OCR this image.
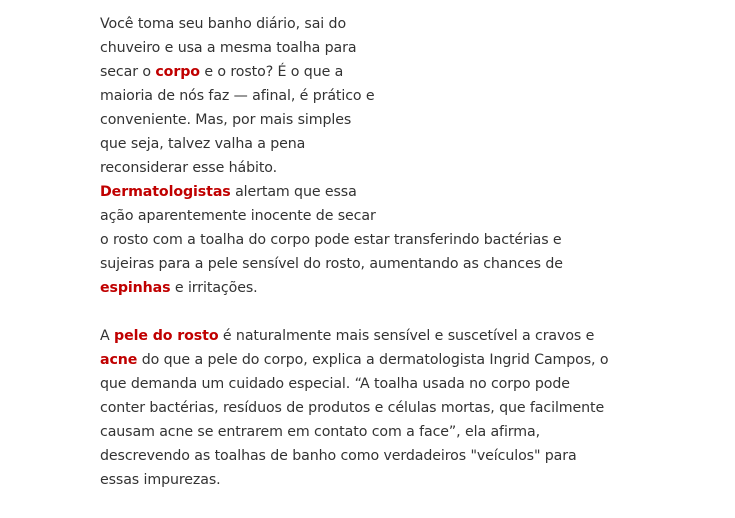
Você toma seu banho diário, sai do
chuveiro e usa a mesma toalha para
secar o corpo e o rosto? É o que a
maioria de nós faz — afinal, é prático e
conveniente. Mas, por mais simples
que seja, talvez valha a pena
reconsiderar esse hábito.
Dermatologistas alertam que essa
ação aparentemente inocente de secar
o rosto com a toalha do corpo pode estar transferindo bactérias e
sujeiras para a pele sensível do rosto, aumentando as chances de
espinhas e irritações.
A pele do rosto é naturalmente mais sensível e suscetível a cravos e
acne do que a pele do corpo, explica a dermatologista Ingrid Campos, o
que demanda um cuidado especial. “A toalha usada no corpo pode
conter bactérias, resíduos de produtos e células mortas, que facilmente
causam acne se entrarem em contato com a face”, ela afirma,
descrevendo as toalhas de banho como verdadeiros "veículos" para
essas impurezas.
